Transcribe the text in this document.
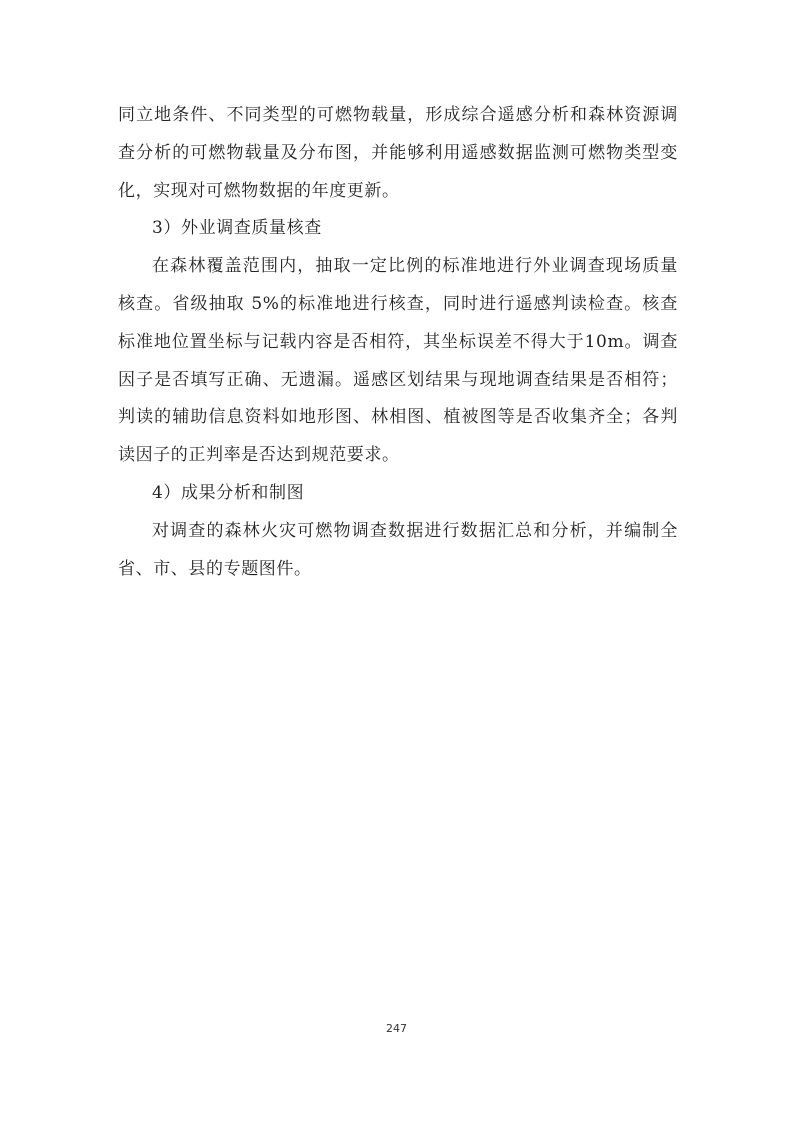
同立地条件、不同类型的可燃物载量，形成综合遥感分析和森林资源调查分析的可燃物载量及分布图，并能够利用遥感数据监测可燃物类型变化，实现对可燃物数据的年度更新。

3）外业调查质量核查

在森林覆盖范围内，抽取一定比例的标准地进行外业调查现场质量核查。省级抽取 5%的标准地进行核查，同时进行遥感判读检查。核查标准地位置坐标与记载内容是否相符，其坐标误差不得大于10m。调查因子是否填写正确、无遗漏。遥感区划结果与现地调查结果是否相符；判读的辅助信息资料如地形图、林相图、植被图等是否收集齐全；各判读因子的正判率是否达到规范要求。

4）成果分析和制图

对调查的森林火灾可燃物调查数据进行数据汇总和分析，并编制全省、市、县的专题图件。

247
